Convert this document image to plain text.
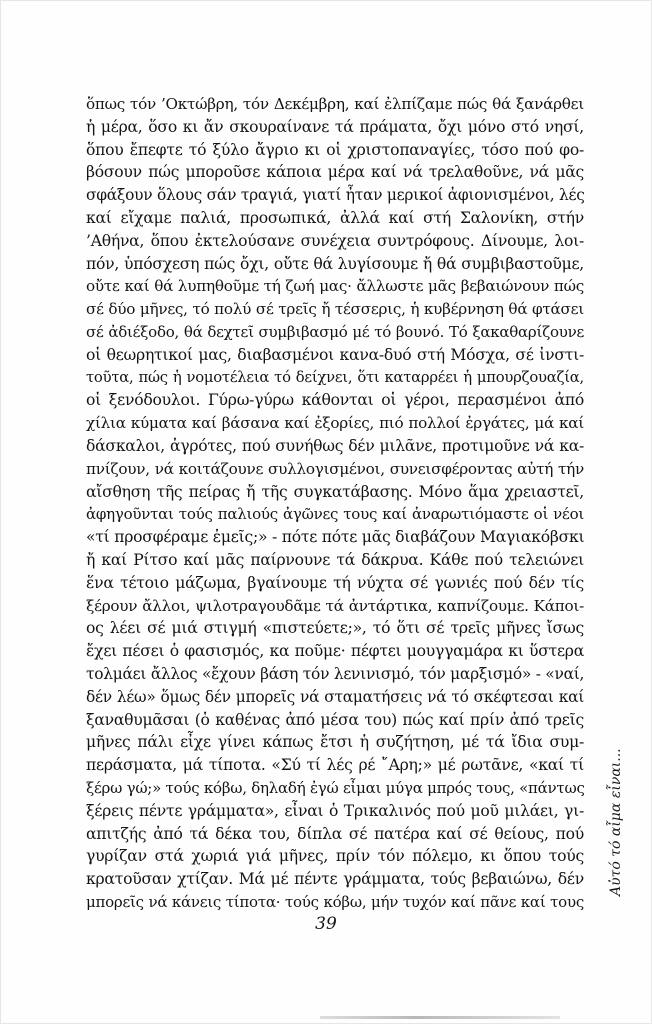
ὅπως τόν ’Οκτώβρη, τόν Δεκέμβρη, καί ἐλπίζαμε πώς θά ξανάρθει
ἡ μέρα, ὅσο κι ἄν σκουραίνανε τά πράματα, ὄχι μόνο στό νησί,
ὅπου ἔπεφτε τό ξύλο ἄγριο κι οἱ χριστοπαναγίες, τόσο πού φο-
βόσουν πώς μποροῦσε κάποια μέρα καί νά τρελαθοῦνε, νά μᾶς
σφάξουν ὅλους σάν τραγιά, γιατί ἦταν μερικοί ἀφιονισμένοι, λές
καί εἴχαμε παλιά, προσωπικά, ἀλλά καί στή Σαλονίκη, στήν
’Αθήνα, ὅπου ἐκτελούσανε συνέχεια συντρόφους. Δίνουμε, λοι-
πόν, ὑπόσχεση πώς ὄχι, οὔτε θά λυγίσουμε ἤ θά συμβιβαστοῦμε,
οὔτε καί θά λυπηθοῦμε τή ζωή μας· ἄλλωστε μᾶς βεβαιώνουν πώς
σέ δύο μῆνες, τό πολύ σέ τρεῖς ἤ τέσσερις, ἡ κυβέρνηση θά φτάσει
σέ ἀδιέξοδο, θά δεχτεῖ συμβιβασμό μέ τό βουνό. Τό ξακαθαρίζουνε
οἱ θεωρητικοί μας, διαβασμένοι κανα-δυό στή Μόσχα, σέ ἰνστι-
τοῦτα, πώς ἡ νομοτέλεια τό δείχνει, ὅτι καταρρέει ἡ μπουρζουαζία,
οἱ ξενόδουλοι. Γύρω-γύρω κάθονται οἱ γέροι, περασμένοι ἀπό
χίλια κύματα καί βάσανα καί ἐξορίες, πιό πολλοί ἐργάτες, μά καί
δάσκαλοι, ἀγρότες, πού συνήθως δέν μιλᾶνε, προτιμοῦνε νά κα-
πνίζουν, νά κοιτάζουνε συλλογισμένοι, συνεισφέροντας αὐτή τήν
αἴσθηση τῆς πείρας ἤ τῆς συγκατάβασης. Μόνο ἅμα χρειαστεῖ,
ἀφηγοῦνται τούς παλιούς ἀγῶνες τους καί ἀναρωτιόμαστε οἱ νέοι
«τί προσφέραμε ἐμεῖς;» - πότε πότε μᾶς διαβάζουν Μαγιακόβσκι
ἤ καί Ρίτσο καί μᾶς παίρνουνε τά δάκρυα. Κάθε πού τελειώνει
ἕνα τέτοιο μάζωμα, βγαίνουμε τή νύχτα σέ γωνιές πού δέν τίς
ξέρουν ἄλλοι, ψιλοτραγουδᾶμε τά ἀντάρτικα, καπνίζουμε. Κάποι-
ος λέει σέ μιά στιγμή «πιστεύετε;», τό ὅτι σέ τρεῖς μῆνες ἴσως
ἔχει πέσει ὁ φασισμός, κα ποῦμε· πέφτει μουγγαμάρα κι ὕστερα
τολμάει ἄλλος «ἔχουν βάση τόν λενινισμό, τόν μαρξισμό» - «ναί,
δέν λέω» ὅμως δέν μπορεῖς νά σταματήσεις νά τό σκέφτεσαι καί
ξαναθυμᾶσαι (ὁ καθένας ἀπό μέσα του) πώς καί πρίν ἀπό τρεῖς
μῆνες πάλι εἶχε γίνει κάπως ἔτσι ἡ συζήτηση, μέ τά ἴδια συμ-
περάσματα, μά τίποτα. «Σύ τί λές ρέ ῎Αρη;» μέ ρωτᾶνε, «καί τί
ξέρω γώ;» τούς κόβω, δηλαδή ἐγώ εἶμαι μύγα μπρός τους, «πάντως
ξέρεις πέντε γράμματα», εἶναι ὁ Τρικαλινός πού μοῦ μιλάει, γι-
απιτζής ἀπό τά δέκα του, δίπλα σέ πατέρα καί σέ θείους, πού
γυρίζαν στά χωριά γιά μῆνες, πρίν τόν πόλεμο, κι ὅπου τούς
κρατοῦσαν χτίζαν. Μά μέ πέντε γράμματα, τούς βεβαιώνω, δέν
μπορεῖς νά κάνεις τίποτα· τούς κόβω, μήν τυχόν καί πᾶνε καί τους
39
Αὐτό τό αἷμα εἶναι...
